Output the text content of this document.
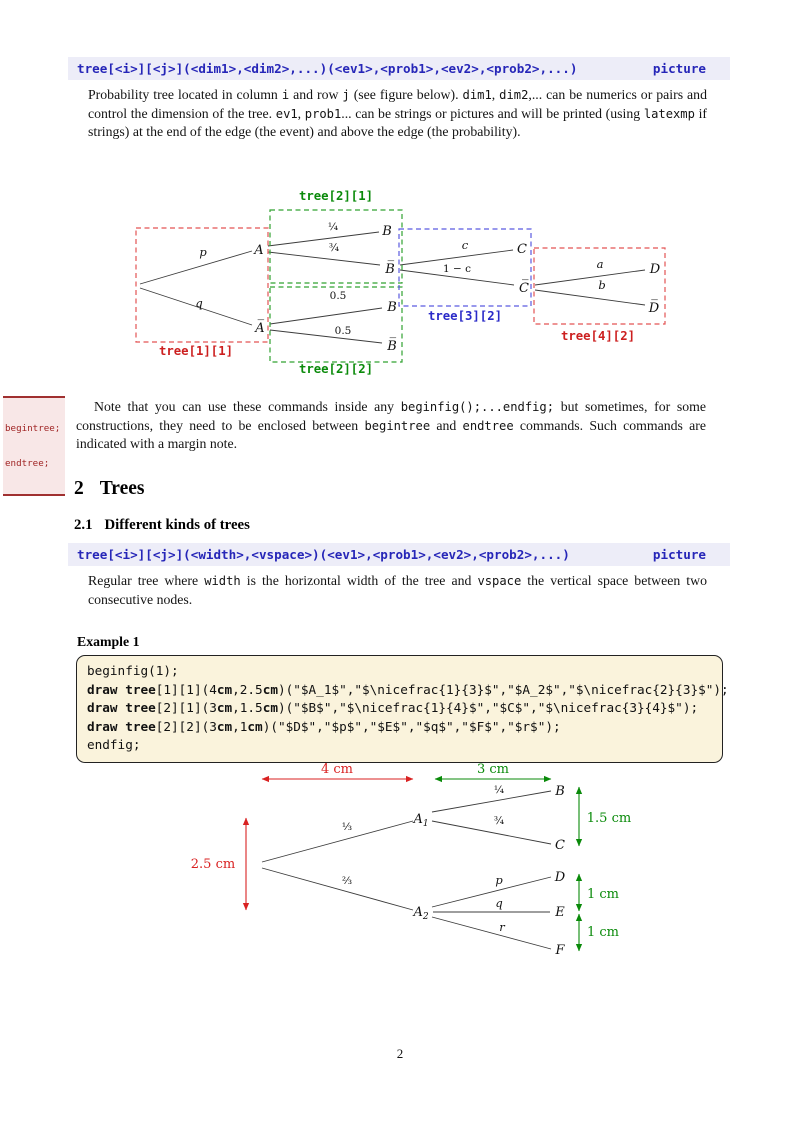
tree[<i>][<j>](<dim1>,<dim2>,...)(<ev1>,<prob1>,<ev2>,<prob2>,...)	picture

Probability tree located in column i and row j (see figure below). dim1, dim2,... can be numerics or pairs and control the dimension of the tree. ev1, prob1... can be strings or pictures and will be printed (using latexmp if strings) at the end of the edge (the event) and above the edge (the probability).

tree[1][1]
tree[2][1]
tree[2][2]
tree[3][2]
tree[4][2]
A
A̅
B
B̅
B
B̅
C
C̅
D
D̅
p
q
¼
¾
0.5
0.5
c
1 − c	a
b

begintree;

endtree;

Note that you can use these commands inside any beginfig();...endfig; but sometimes, for some constructions, they need to be enclosed between begintree and endtree commands. Such commands are indicated with a margin note.

2 Trees
2.1 Different kinds of trees
tree[<i>][<j>](<width>,<vspace>)(<ev1>,<prob1>,<ev2>,<prob2>,...)	picture

Regular tree where width is the horizontal width of the tree and vspace the vertical space between two consecutive nodes.

Example 1
beginfig(1);
draw tree[1][1](4cm,2.5cm)("$A_1$","$\nicefrac{1}{3}$","$A_2$","$\nicefrac{2}{3}$");
draw tree[2][1](3cm,1.5cm)("$B$","$\nicefrac{1}{4}$","$C$","$\nicefrac{3}{4}$");
draw tree[2][2](3cm,1cm)("$D$","$p$","$E$","$q$","$F$","$r$");
endfig;
4 cm	3 cm
2.5 cm
1.5 cm
1 cm
1 cm
$A_1$
$A_2$
B
C
D
E
F
⅓
⅔
¼
¾
p
q
r
2
